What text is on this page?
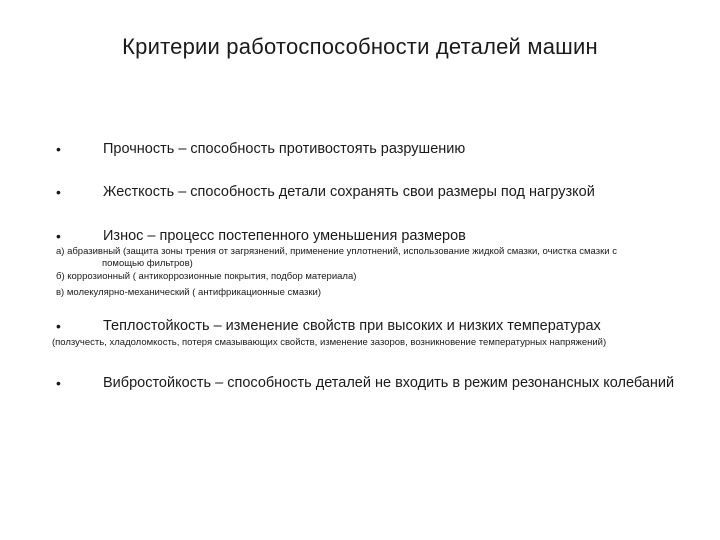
Критерии работоспособности деталей машин
•	Прочность – способность противостоять разрушению
•	Жесткость – способность детали сохранять свои размеры под нагрузкой
•	Износ – процесс постепенного уменьшения размеров
а) абразивный (защита зоны трения от загрязнений, применение уплотнений, использование жидкой смазки, очистка смазки с
помощью фильтров)
б) коррозионный ( антикоррозионные покрытия, подбор материала)
в) молекулярно-механический ( антифрикационные смазки)
•	Теплостойкость – изменение свойств при высоких и низких температурах
(ползучесть, хладоломкость, потеря смазывающих свойств, изменение зазоров, возникновение температурных напряжений)
•	Виброcтойкость – способность деталей не входить в режим резонансных колебаний
